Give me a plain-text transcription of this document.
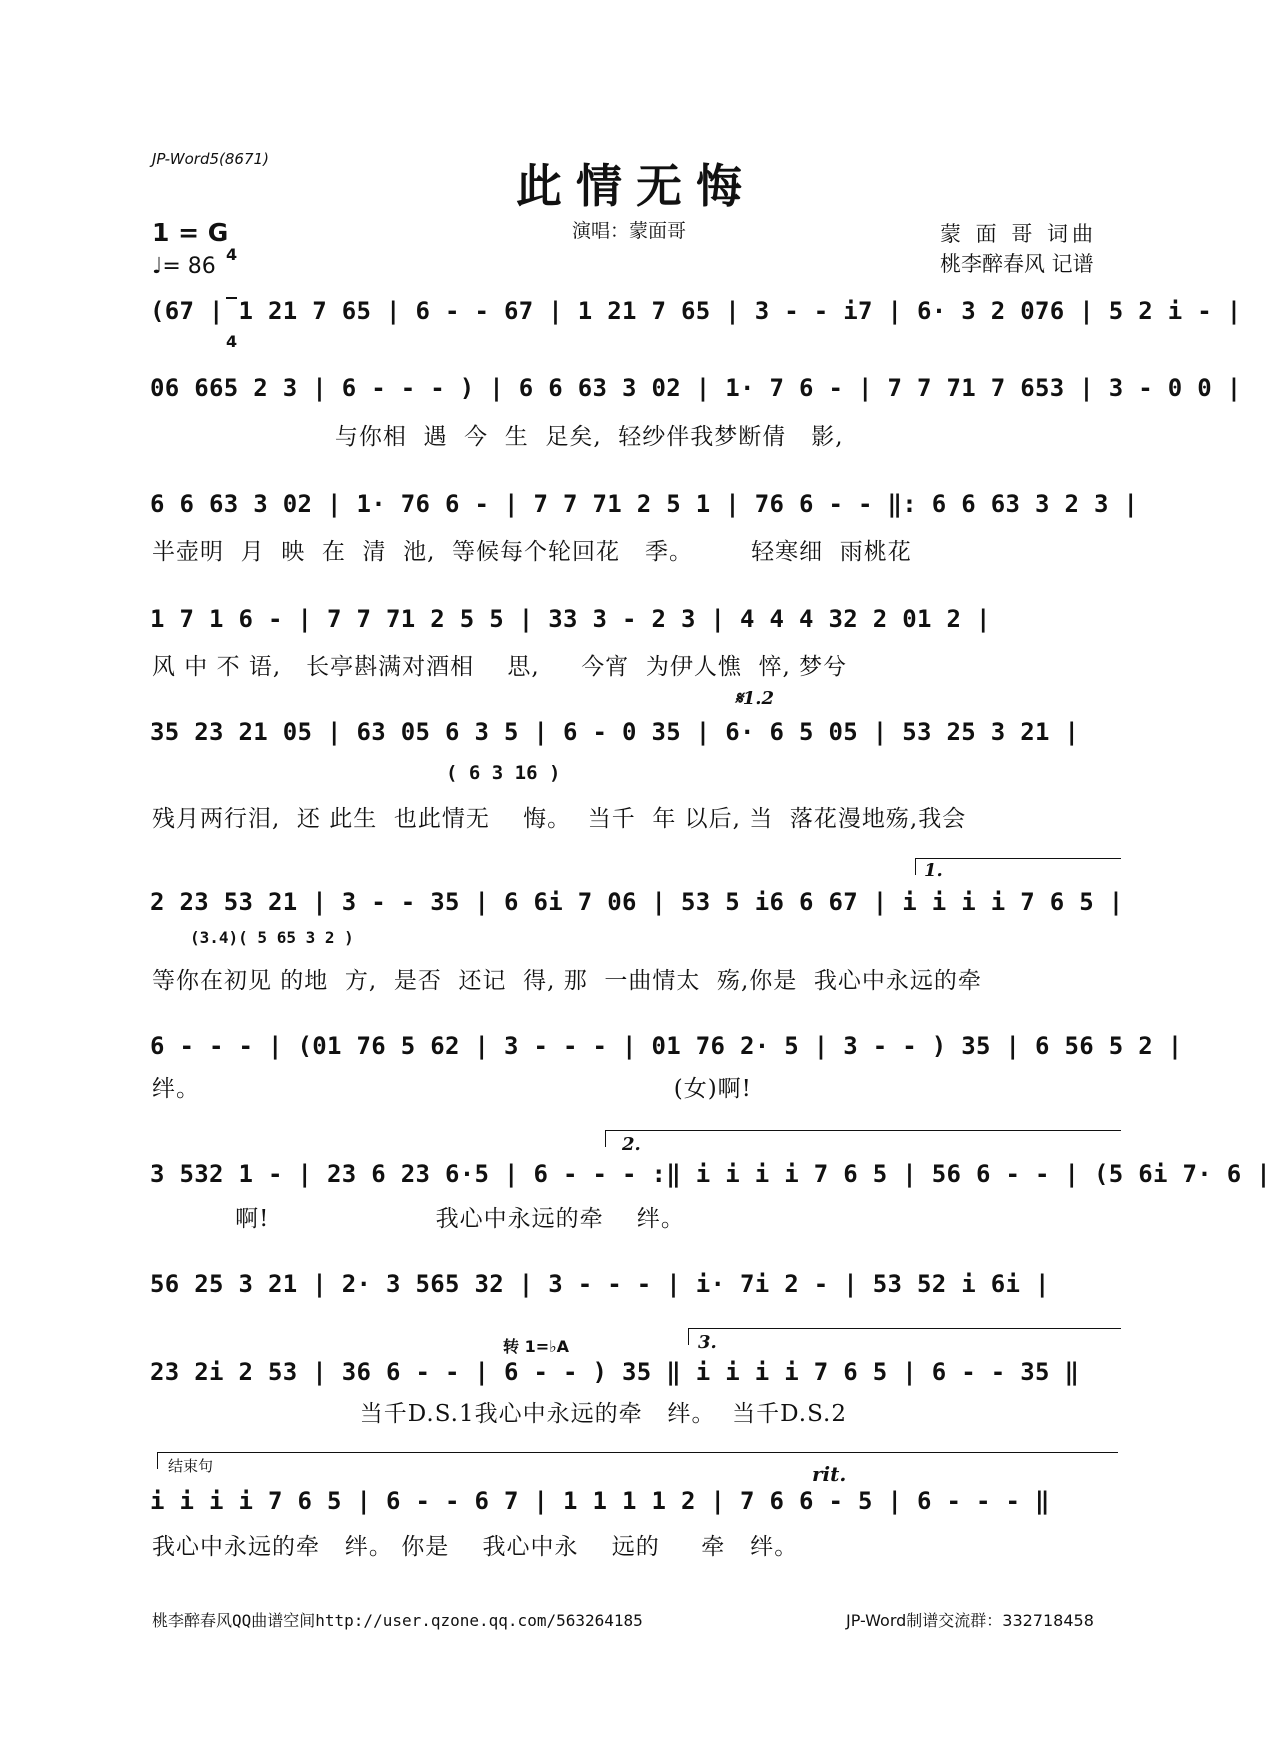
JP-Word5(8671)	此情无悔
1 = G

4

4

♩= 86
演唱：蒙面哥	蒙 面 哥 词曲
桃李醉春风 记谱
(67 | 1 21 7 65 | 6 - - 67 | 1 21 7 65 | 3 - - i7 | 6· 3 2 076 | 5 2 i - |
06 665 2 3 | 6 - - - ) | 6 6 63 3 02 | 1· 7 6 - | 7 7 71 7 653 | 3 - 0 0 |
与你相  遇  今  生  足矣,  轻纱伴我梦断倩   影,
6 6 63 3 02 | 1· 76 6 - | 7 7 71 2 5 1 | 76 6 - - ‖: 6 6 63 3 2 3 |
半壶明  月  映  在  清  池,  等候每个轮回花   季。       轻寒细  雨桃花
1 7 1 6 - | 7 7 71 2 5 5 | 33 3 - 2 3 | 4 4 4 32 2 01 2 |
风 中 不 语,   长亭斟满对酒相    思,     今宵  为伊人憔  悴, 梦兮
𝄋1.2
35 23 21 05 | 63 05 6 3 5 | 6 - 0 35 | 6· 6 5 05 | 53 25 3 21 |
( 6 3 16 )
残月两行泪,  还 此生  也此情无    悔。  当千  年 以后, 当  落花漫地殇,我会
1.
2 23 53 21 | 3 - - 35 | 6 6i 7 06 | 53 5 i6 6 67 | i i i i 7 6 5 |
(3.4)( 5 65 3 2 )
等你在初见 的地  方,  是否  还记  得, 那  一曲情太  殇,你是  我心中永远的牵
6 - - - | (01 76 5 62 | 3 - - - | 01 76 2· 5 | 3 - - ) 35 | 6 56 5 2 |
绊。                                                         (女)啊!
2.
3 532 1 - | 23 6 23 6·5 | 6 - - - :‖ i i i i 7 6 5 | 56 6 - - | (5 6i 7· 6 |
啊!                    我心中永远的牵    绊。
56 25 3 21 | 2· 3 565 32 | 3 - - - | i· 7i 2 - | 53 52 i 6i |
转 1=♭A	3.
23 2i 2 53 | 36 6 - - | 6 - - ) 35 ‖ i i i i 7 6 5 | 6 - - 35 ‖
当千D.S.1我心中永远的牵   绊。  当千D.S.2
结束句	rit.
i i i i 7 6 5 | 6 - - 6 7 | 1 1 1 1 2 | 7 6 6 - 5 | 6 - - - ‖
我心中永远的牵   绊。 你是    我心中永    远的     牵   绊。
桃李醉春风QQ曲谱空间http://user.qzone.qq.com/563264185	JP-Word制谱交流群：332718458
